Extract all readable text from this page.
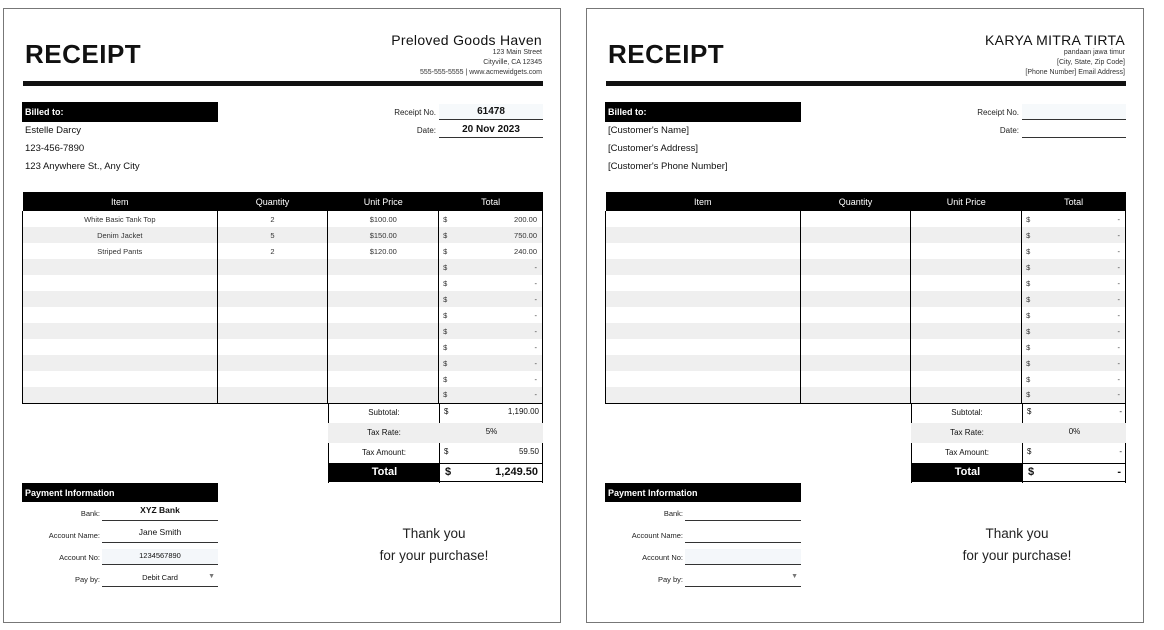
RECEIPT	Preloved Goods Haven
123 Main Street
Cityville, CA 12345
555-555-5555 | www.acmewidgets.com
Billed to:
Estelle Darcy
123-456-7890
123 Anywhere St., Any City
Receipt No.	61478
Date:	20 Nov 2023
Item	Quantity	Unit Price	Total
White Basic Tank Top	2	$100.00	$ 200.00

Denim Jacket	5	$150.00	$ 750.00

Striped Pants	2	$120.00	$ 240.00

			$ -

			$ -

			$ -

			$ -

			$ -

			$ -

			$ -

			$ -

			$ -
Subtotal:	$	1,190.00
Tax Rate:	5%
Tax Amount:	$	59.50
Total	$	1,249.50
Payment Information
Bank:	XYZ Bank
Account Name:	Jane Smith
Account No:	1234567890
Pay by:	Debit Card	▼
Thank you
for your purchase!
RECEIPT	KARYA MITRA TIRTA
pandaan jawa timur
[City, State, Zip Code]
[Phone Number] Email Address]
Billed to:
[Customer's Name]
[Customer's Address]
[Customer's Phone Number]
Receipt No.
Date:
Item	Quantity	Unit Price	Total
			$ -

			$ -

			$ -

			$ -

			$ -

			$ -

			$ -

			$ -

			$ -

			$ -

			$ -

			$ -
Subtotal:	$	-
Tax Rate:	0%
Tax Amount:	$	-
Total	$	-
Payment Information
Bank:
Account Name:
Account No:
Pay by:	▼
Thank you
for your purchase!
